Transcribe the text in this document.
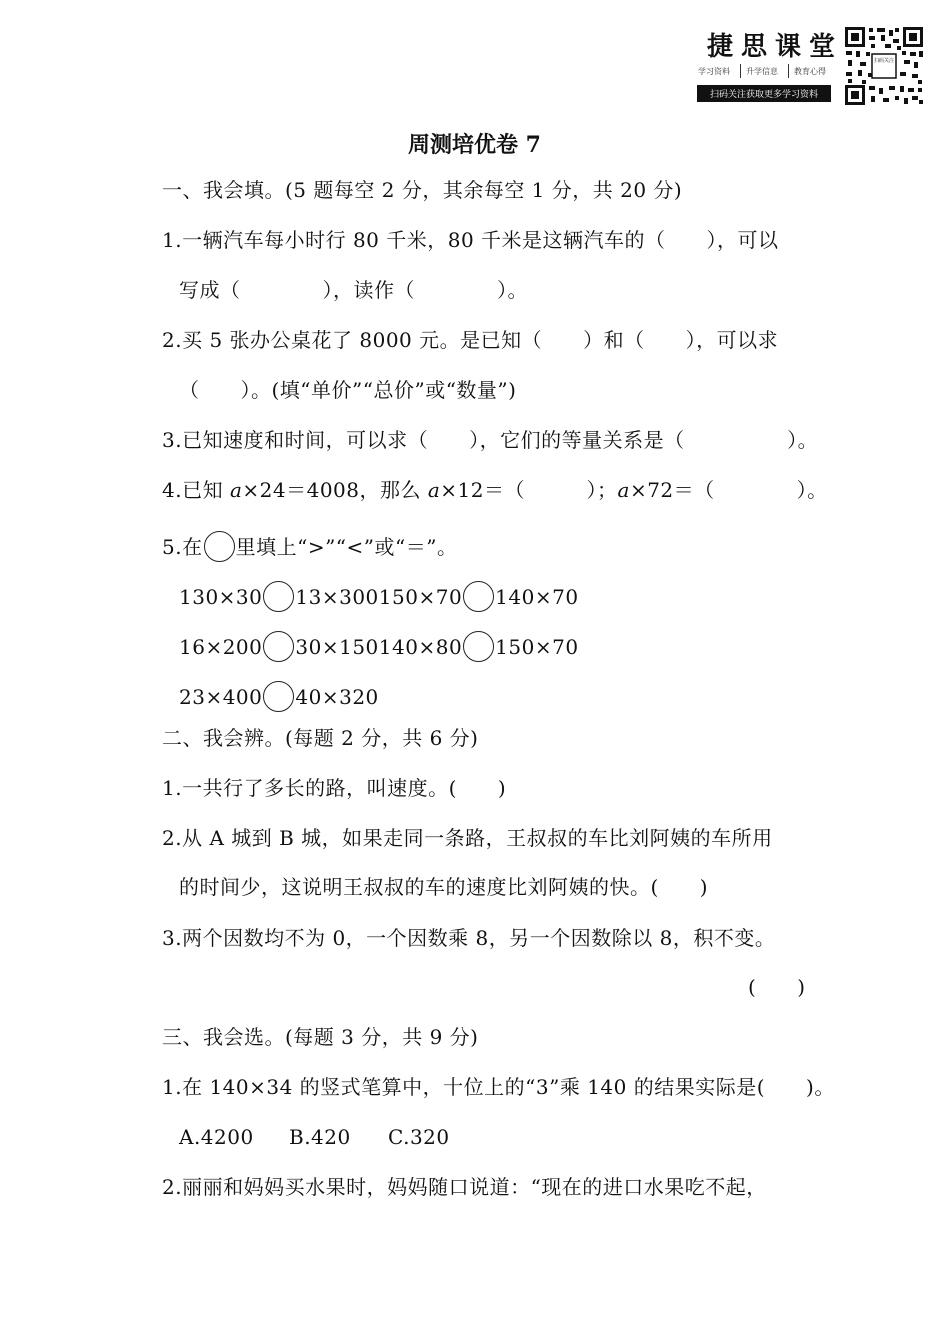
捷思课堂
学习资料 升学信息 教育心得
扫码关注获取更多学习资料
扫码关注
周测培优卷 7
一、我会填。(5 题每空 2 分，其余每空 1 分，共 20 分)
1.一辆汽车每小时行 80 千米，80 千米是这辆汽车的（　　），可以
写成（　　　　），读作（　　　　）。
2.买 5 张办公桌花了 8000 元。是已知（　　）和（　　），可以求
（　　）。(填“单价”“总价”或“数量”)
3.已知速度和时间，可以求（　　），它们的等量关系是（　　　　　）。
4.已知 a×24＝4008，那么 a×12＝（　　　）；a×72＝（　　　　）。
5.在 里填上“>”“<”或“＝”。
130×30 13×300150×70 140×70
16×200 30×150140×80 150×70
23×400 40×320
二、我会辨。(每题 2 分，共 6 分)
1.一共行了多长的路，叫速度。(　　)
2.从 A 城到 B 城，如果走同一条路，王叔叔的车比刘阿姨的车所用
的时间少，这说明王叔叔的车的速度比刘阿姨的快。(　　)
3.两个因数均不为 0，一个因数乘 8，另一个因数除以 8，积不变。
(　　)
三、我会选。(每题 3 分，共 9 分)
1.在 140×34 的竖式笔算中，十位上的“3”乘 140 的结果实际是(　　)。
A.4200 B.420 C.320
2.丽丽和妈妈买水果时，妈妈随口说道：“现在的进口水果吃不起，
